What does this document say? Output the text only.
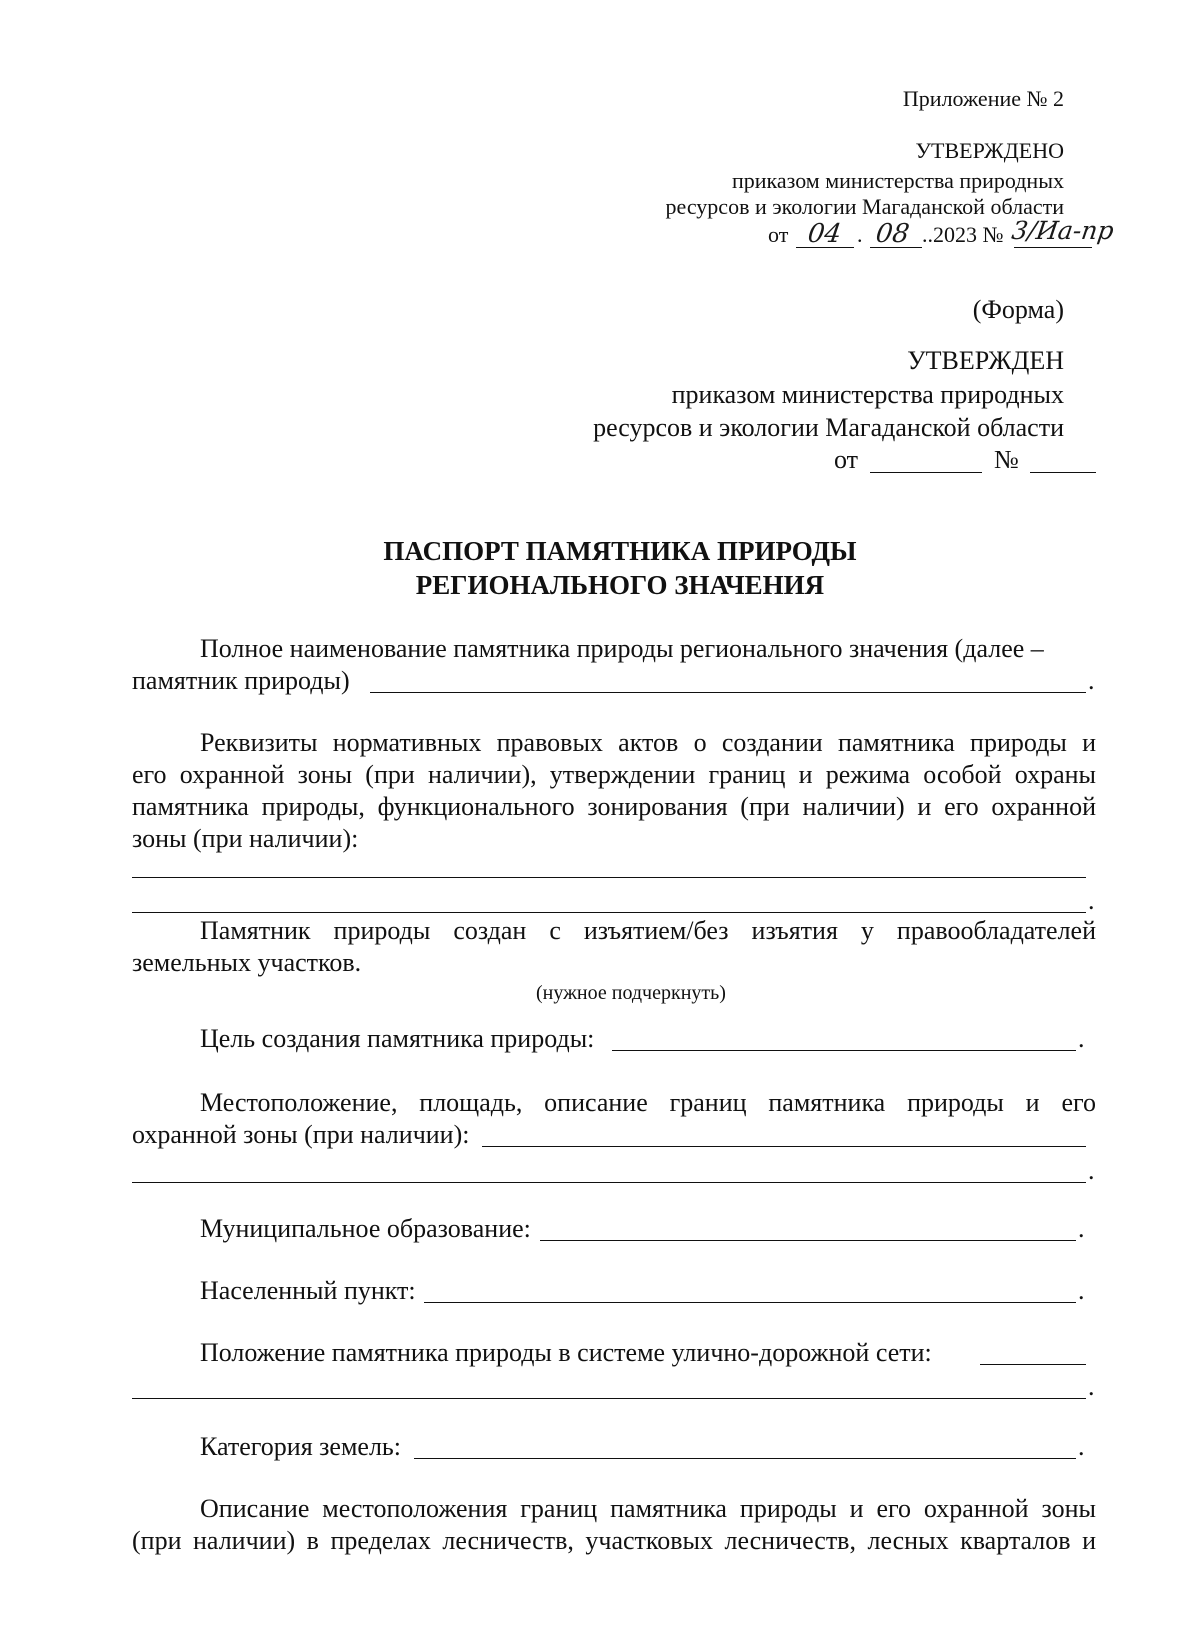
Приложение № 2
УТВЕРЖДЕНО
приказом министерства природных
ресурсов и экологии Магаданской области
от 04 . 08 ..2023 № 3/Иа-пр
(Форма)
УТВЕРЖДЕН
приказом министерства природных
ресурсов и экологии Магаданской области
от	№
ПАСПОРТ ПАМЯТНИКА ПРИРОДЫ
РЕГИОНАЛЬНОГО ЗНАЧЕНИЯ
Полное наименование памятника природы регионального значения (далее –
памятник природы)	.
Реквизиты нормативных правовых актов о создании памятника природы и
его охранной зоны (при наличии), утверждении границ и режима особой охраны
памятника природы, функционального зонирования (при наличии) и его охранной
зоны (при наличии):
.
Памятник природы создан с изъятием/без изъятия у правообладателей
земельных участков.
(нужное подчеркнуть)
Цель создания памятника природы:	.
Местоположение, площадь, описание границ памятника природы и его
охранной зоны (при наличии):
.
Муниципальное образование:	.
Населенный пункт:	.
Положение памятника природы в системе улично-дорожной сети:
.
Категория земель:	.
Описание местоположения границ памятника природы и его охранной зоны
(при наличии) в пределах лесничеств, участковых лесничеств, лесных кварталов и
